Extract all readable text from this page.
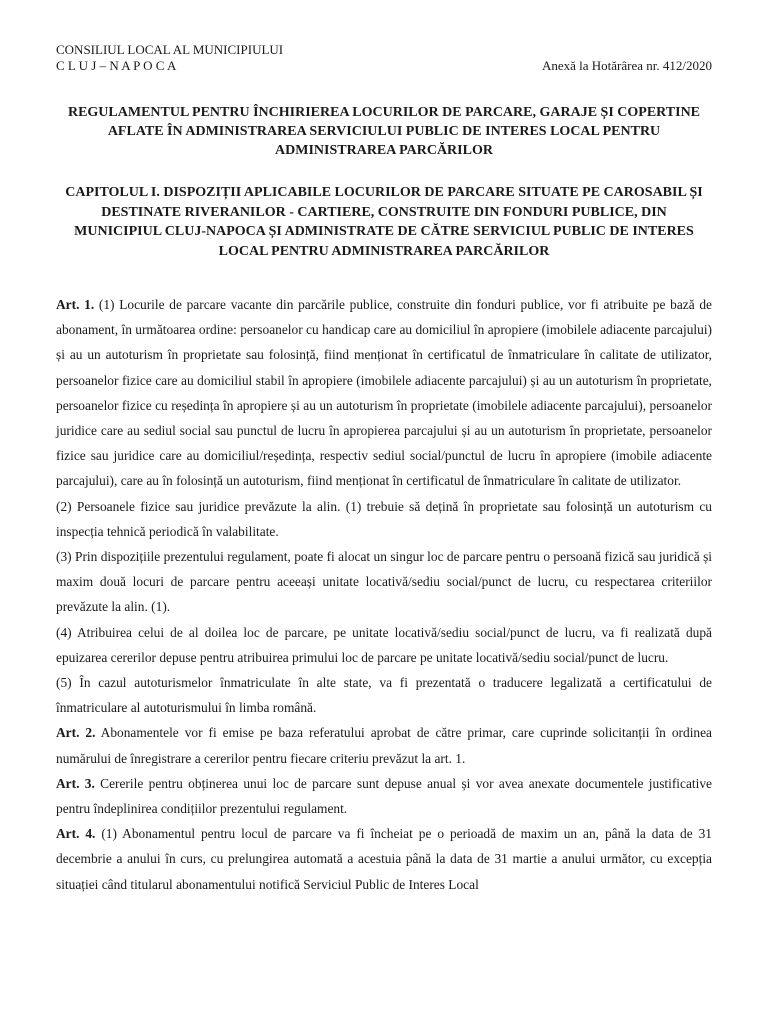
CONSILIUL LOCAL AL MUNICIPIULUI
C L U J – N A P O C A	Anexă la Hotărârea nr. 412/2020
REGULAMENTUL PENTRU ÎNCHIRIEREA LOCURILOR DE PARCARE, GARAJE ȘI COPERTINE AFLATE ÎN ADMINISTRAREA SERVICIULUI PUBLIC DE INTERES LOCAL PENTRU ADMINISTRAREA PARCĂRILOR
CAPITOLUL I. DISPOZIȚII APLICABILE LOCURILOR DE PARCARE SITUATE PE CAROSABIL ȘI DESTINATE RIVERANILOR - CARTIERE, CONSTRUITE DIN FONDURI PUBLICE, DIN MUNICIPIUL CLUJ-NAPOCA ȘI ADMINISTRATE DE CĂTRE SERVICIUL PUBLIC DE INTERES LOCAL PENTRU ADMINISTRAREA PARCĂRILOR

Art. 1. (1) Locurile de parcare vacante din parcările publice, construite din fonduri publice, vor fi atribuite pe bază de abonament, în următoarea ordine: persoanelor cu handicap care au domiciliul în apropiere (imobilele adiacente parcajului) și au un autoturism în proprietate sau folosință, fiind menționat în certificatul de înmatriculare în calitate de utilizator, persoanelor fizice care au domiciliul stabil în apropiere (imobilele adiacente parcajului) și au un autoturism în proprietate, persoanelor fizice cu reședința în apropiere și au un autoturism în proprietate (imobilele adiacente parcajului), persoanelor juridice care au sediul social sau punctul de lucru în apropierea parcajului și au un autoturism în proprietate, persoanelor fizice sau juridice care au domiciliul/reședința, respectiv sediul social/punctul de lucru în apropiere (imobile adiacente parcajului), care au în folosință un autoturism, fiind menționat în certificatul de înmatriculare în calitate de utilizator.

(2) Persoanele fizice sau juridice prevăzute la alin. (1) trebuie să dețină în proprietate sau folosință un autoturism cu inspecția tehnică periodică în valabilitate.

(3) Prin dispozițiile prezentului regulament, poate fi alocat un singur loc de parcare pentru o persoană fizică sau juridică și maxim două locuri de parcare pentru aceeași unitate locativă/sediu social/punct de lucru, cu respectarea criteriilor prevăzute la alin. (1).

(4) Atribuirea celui de al doilea loc de parcare, pe unitate locativă/sediu social/punct de lucru, va fi realizată după epuizarea cererilor depuse pentru atribuirea primului loc de parcare pe unitate locativă/sediu social/punct de lucru.

(5) În cazul autoturismelor înmatriculate în alte state, va fi prezentată o traducere legalizată a certificatului de înmatriculare al autoturismului în limba română.

Art. 2. Abonamentele vor fi emise pe baza referatului aprobat de către primar, care cuprinde solicitanții în ordinea numărului de înregistrare a cererilor pentru fiecare criteriu prevăzut la art. 1.

Art. 3. Cererile pentru obținerea unui loc de parcare sunt depuse anual și vor avea anexate documentele justificative pentru îndeplinirea condițiilor prezentului regulament.

Art. 4. (1) Abonamentul pentru locul de parcare va fi încheiat pe o perioadă de maxim un an, până la data de 31 decembrie a anului în curs, cu prelungirea automată a acestuia până la data de 31 martie a anului următor, cu excepția situației când titularul abonamentului notifică Serviciul Public de Interes Local
